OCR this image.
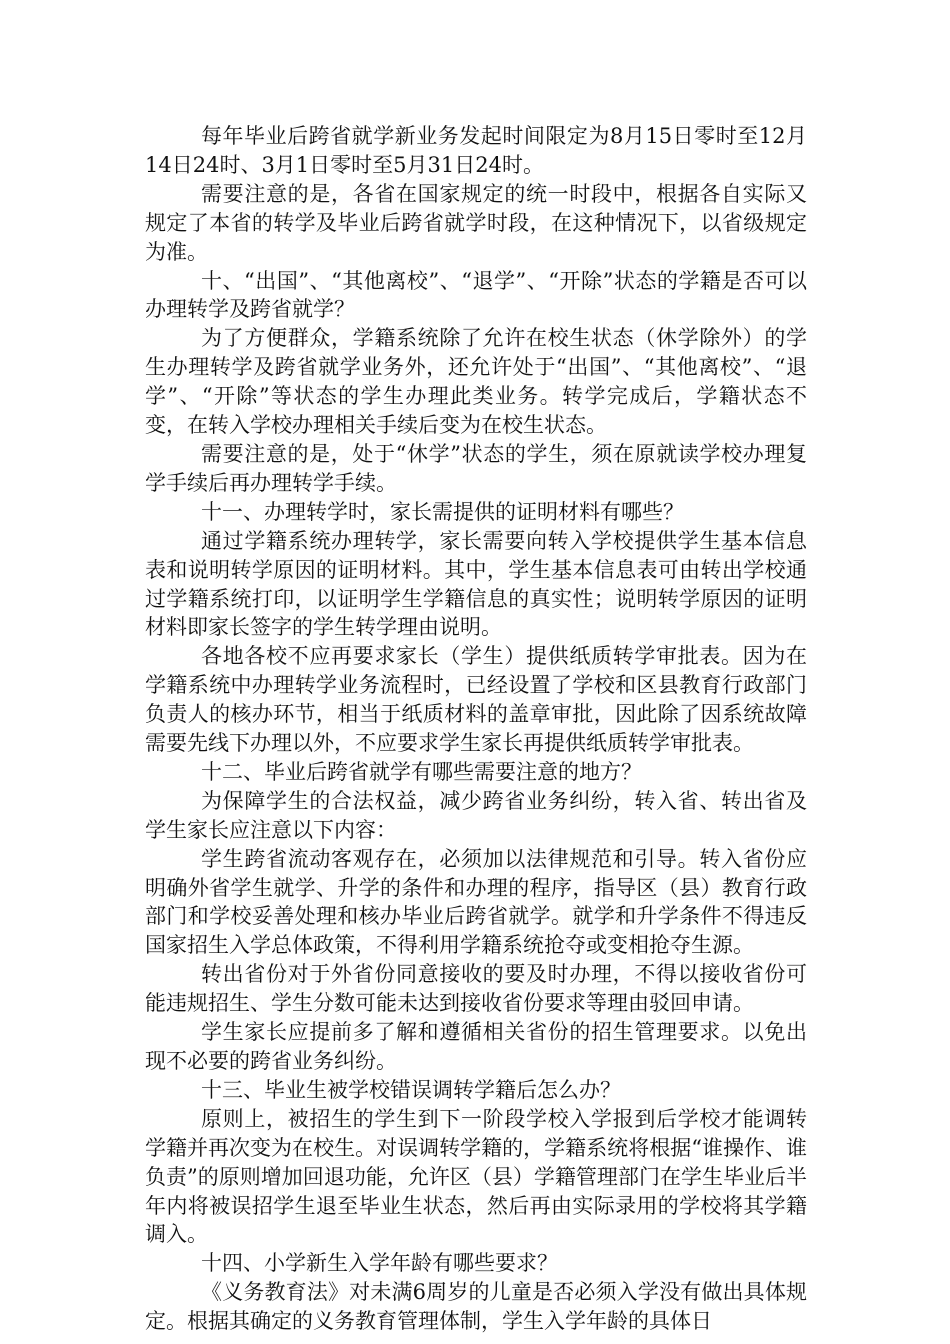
每年毕业后跨省就学新业务发起时间限定为8月15日零时至12月14日24时、3月1日零时至5月31日24时。

需要注意的是，各省在国家规定的统一时段中，根据各自实际又规定了本省的转学及毕业后跨省就学时段，在这种情况下，以省级规定为准。

十、“出国”、“其他离校”、“退学”、“开除”状态的学籍是否可以办理转学及跨省就学？

为了方便群众，学籍系统除了允许在校生状态（休学除外）的学生办理转学及跨省就学业务外，还允许处于“出国”、“其他离校”、“退学”、“开除”等状态的学生办理此类业务。转学完成后，学籍状态不变，在转入学校办理相关手续后变为在校生状态。

需要注意的是，处于“休学”状态的学生，须在原就读学校办理复学手续后再办理转学手续。

十一、办理转学时，家长需提供的证明材料有哪些？

通过学籍系统办理转学，家长需要向转入学校提供学生基本信息表和说明转学原因的证明材料。其中，学生基本信息表可由转出学校通过学籍系统打印，以证明学生学籍信息的真实性；说明转学原因的证明材料即家长签字的学生转学理由说明。

各地各校不应再要求家长（学生）提供纸质转学审批表。因为在学籍系统中办理转学业务流程时，已经设置了学校和区县教育行政部门负责人的核办环节，相当于纸质材料的盖章审批，因此除了因系统故障需要先线下办理以外，不应要求学生家长再提供纸质转学审批表。

十二、毕业后跨省就学有哪些需要注意的地方？

为保障学生的合法权益，减少跨省业务纠纷，转入省、转出省及学生家长应注意以下内容：

学生跨省流动客观存在，必须加以法律规范和引导。转入省份应明确外省学生就学、升学的条件和办理的程序，指导区（县）教育行政部门和学校妥善处理和核办毕业后跨省就学。就学和升学条件不得违反国家招生入学总体政策，不得利用学籍系统抢夺或变相抢夺生源。

转出省份对于外省份同意接收的要及时办理，不得以接收省份可能违规招生、学生分数可能未达到接收省份要求等理由驳回申请。

学生家长应提前多了解和遵循相关省份的招生管理要求。以免出现不必要的跨省业务纠纷。

十三、毕业生被学校错误调转学籍后怎么办？

原则上，被招生的学生到下一阶段学校入学报到后学校才能调转学籍并再次变为在校生。对误调转学籍的，学籍系统将根据“谁操作、谁负责”的原则增加回退功能，允许区（县）学籍管理部门在学生毕业后半年内将被误招学生退至毕业生状态，然后再由实际录用的学校将其学籍调入。

十四、小学新生入学年龄有哪些要求？

《义务教育法》对未满6周岁的儿童是否必须入学没有做出具体规定。根据其确定的义务教育管理体制，学生入学年龄的具体日
